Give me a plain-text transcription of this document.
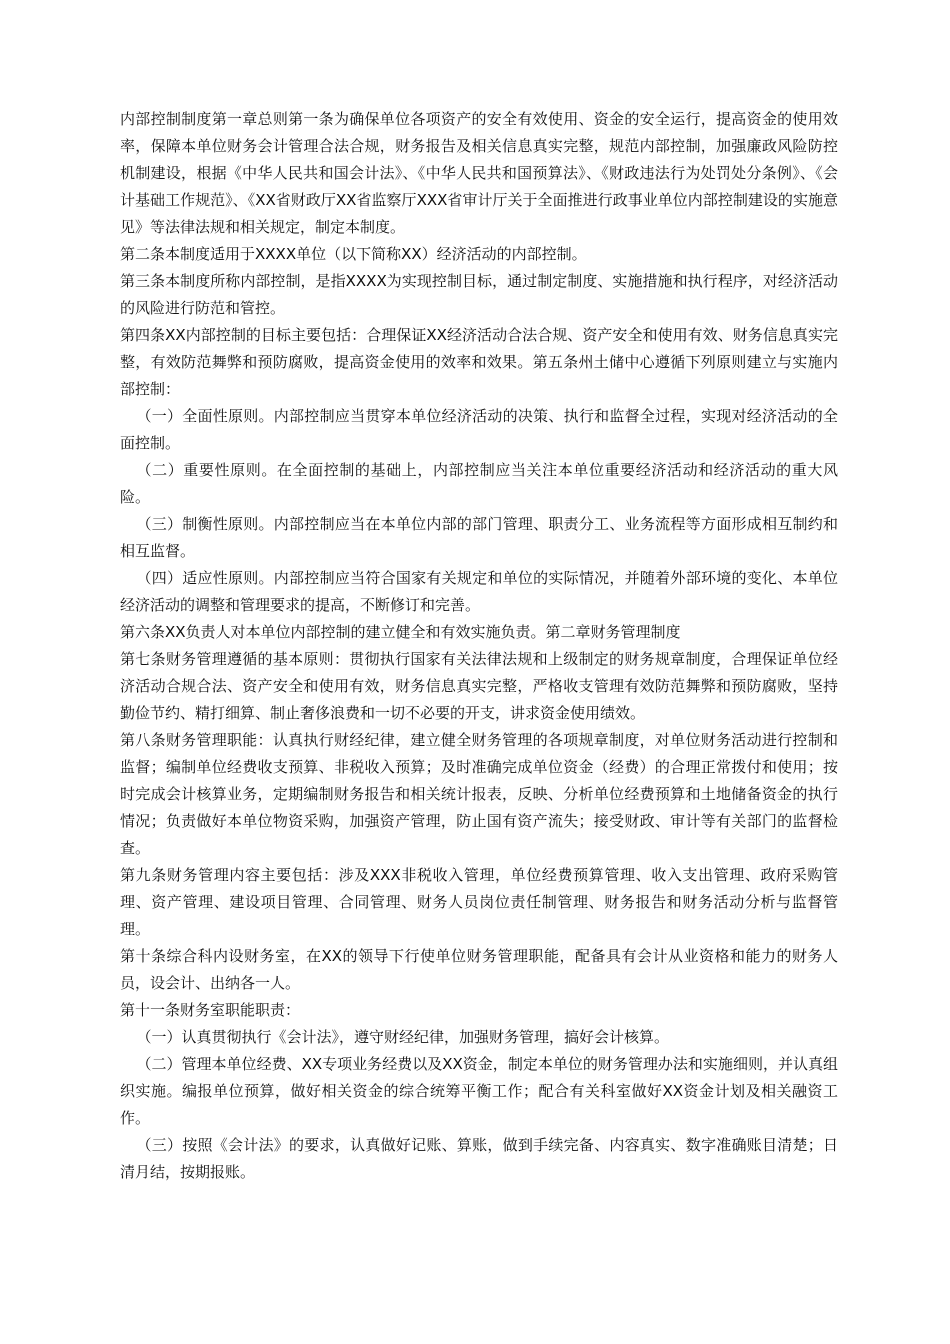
内部控制制度第一章总则第一条为确保单位各项资产的安全有效使用、资金的安全运行，提高资金的使用效率，保障本单位财务会计管理合法合规，财务报告及相关信息真实完整，规范内部控制，加强廉政风险防控机制建设，根据《中华人民共和国会计法》、《中华人民共和国预算法》、《财政违法行为处罚处分条例》、《会计基础工作规范》、《XX省财政厅XX省监察厅XXX省审计厅关于全面推进行政事业单位内部控制建设的实施意见》等法律法规和相关规定，制定本制度。

第二条本制度适用于XXXX单位（以下简称XX）经济活动的内部控制。

第三条本制度所称内部控制，是指XXXX为实现控制目标，通过制定制度、实施措施和执行程序，对经济活动的风险进行防范和管控。

第四条XX内部控制的目标主要包括：合理保证XX经济活动合法合规、资产安全和使用有效、财务信息真实完整，有效防范舞弊和预防腐败，提高资金使用的效率和效果。第五条州土储中心遵循下列原则建立与实施内部控制：

（一）全面性原则。内部控制应当贯穿本单位经济活动的决策、执行和监督全过程，实现对经济活动的全面控制。

（二）重要性原则。在全面控制的基础上，内部控制应当关注本单位重要经济活动和经济活动的重大风险。

（三）制衡性原则。内部控制应当在本单位内部的部门管理、职责分工、业务流程等方面形成相互制约和相互监督。

（四）适应性原则。内部控制应当符合国家有关规定和单位的实际情况，并随着外部环境的变化、本单位经济活动的调整和管理要求的提高，不断修订和完善。

第六条XX负责人对本单位内部控制的建立健全和有效实施负责。第二章财务管理制度

第七条财务管理遵循的基本原则：贯彻执行国家有关法律法规和上级制定的财务规章制度，合理保证单位经济活动合规合法、资产安全和使用有效，财务信息真实完整，严格收支管理有效防范舞弊和预防腐败，坚持勤俭节约、精打细算、制止奢侈浪费和一切不必要的开支，讲求资金使用绩效。

第八条财务管理职能：认真执行财经纪律，建立健全财务管理的各项规章制度，对单位财务活动进行控制和监督；编制单位经费收支预算、非税收入预算；及时准确完成单位资金（经费）的合理正常拨付和使用；按时完成会计核算业务，定期编制财务报告和相关统计报表，反映、分析单位经费预算和土地储备资金的执行情况；负责做好本单位物资采购，加强资产管理，防止国有资产流失；接受财政、审计等有关部门的监督检查。

第九条财务管理内容主要包括：涉及XXX非税收入管理，单位经费预算管理、收入支出管理、政府采购管理、资产管理、建设项目管理、合同管理、财务人员岗位责任制管理、财务报告和财务活动分析与监督管理。

第十条综合科内设财务室，在XX的领导下行使单位财务管理职能，配备具有会计从业资格和能力的财务人员，设会计、出纳各一人。

第十一条财务室职能职责：

（一）认真贯彻执行《会计法》，遵守财经纪律，加强财务管理，搞好会计核算。

（二）管理本单位经费、XX专项业务经费以及XX资金，制定本单位的财务管理办法和实施细则，并认真组织实施。编报单位预算，做好相关资金的综合统筹平衡工作；配合有关科室做好XX资金计划及相关融资工作。

（三）按照《会计法》的要求，认真做好记账、算账，做到手续完备、内容真实、数字准确账目清楚；日清月结，按期报账。
